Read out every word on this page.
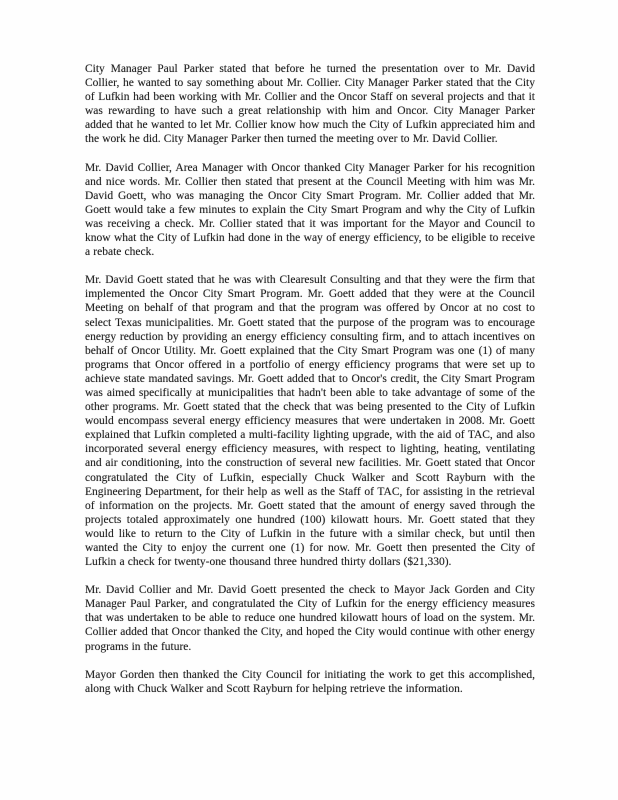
City Manager Paul Parker stated that before he turned the presentation over to Mr. David Collier, he wanted to say something about Mr. Collier. City Manager Parker stated that the City of Lufkin had been working with Mr. Collier and the Oncor Staff on several projects and that it was rewarding to have such a great relationship with him and Oncor. City Manager Parker added that he wanted to let Mr. Collier know how much the City of Lufkin appreciated him and the work he did. City Manager Parker then turned the meeting over to Mr. David Collier.

Mr. David Collier, Area Manager with Oncor thanked City Manager Parker for his recognition and nice words. Mr. Collier then stated that present at the Council Meeting with him was Mr. David Goett, who was managing the Oncor City Smart Program. Mr. Collier added that Mr. Goett would take a few minutes to explain the City Smart Program and why the City of Lufkin was receiving a check. Mr. Collier stated that it was important for the Mayor and Council to know what the City of Lufkin had done in the way of energy efficiency, to be eligible to receive a rebate check.

Mr. David Goett stated that he was with Clearesult Consulting and that they were the firm that implemented the Oncor City Smart Program. Mr. Goett added that they were at the Council Meeting on behalf of that program and that the program was offered by Oncor at no cost to select Texas municipalities. Mr. Goett stated that the purpose of the program was to encourage energy reduction by providing an energy efficiency consulting firm, and to attach incentives on behalf of Oncor Utility. Mr. Goett explained that the City Smart Program was one (1) of many programs that Oncor offered in a portfolio of energy efficiency programs that were set up to achieve state mandated savings. Mr. Goett added that to Oncor's credit, the City Smart Program was aimed specifically at municipalities that hadn't been able to take advantage of some of the other programs. Mr. Goett stated that the check that was being presented to the City of Lufkin would encompass several energy efficiency measures that were undertaken in 2008. Mr. Goett explained that Lufkin completed a multi-facility lighting upgrade, with the aid of TAC, and also incorporated several energy efficiency measures, with respect to lighting, heating, ventilating and air conditioning, into the construction of several new facilities. Mr. Goett stated that Oncor congratulated the City of Lufkin, especially Chuck Walker and Scott Rayburn with the Engineering Department, for their help as well as the Staff of TAC, for assisting in the retrieval of information on the projects. Mr. Goett stated that the amount of energy saved through the projects totaled approximately one hundred (100) kilowatt hours. Mr. Goett stated that they would like to return to the City of Lufkin in the future with a similar check, but until then wanted the City to enjoy the current one (1) for now. Mr. Goett then presented the City of Lufkin a check for twenty-one thousand three hundred thirty dollars ($21,330).

Mr. David Collier and Mr. David Goett presented the check to Mayor Jack Gorden and City Manager Paul Parker, and congratulated the City of Lufkin for the energy efficiency measures that was undertaken to be able to reduce one hundred kilowatt hours of load on the system. Mr. Collier added that Oncor thanked the City, and hoped the City would continue with other energy programs in the future.

Mayor Gorden then thanked the City Council for initiating the work to get this accomplished, along with Chuck Walker and Scott Rayburn for helping retrieve the information.
